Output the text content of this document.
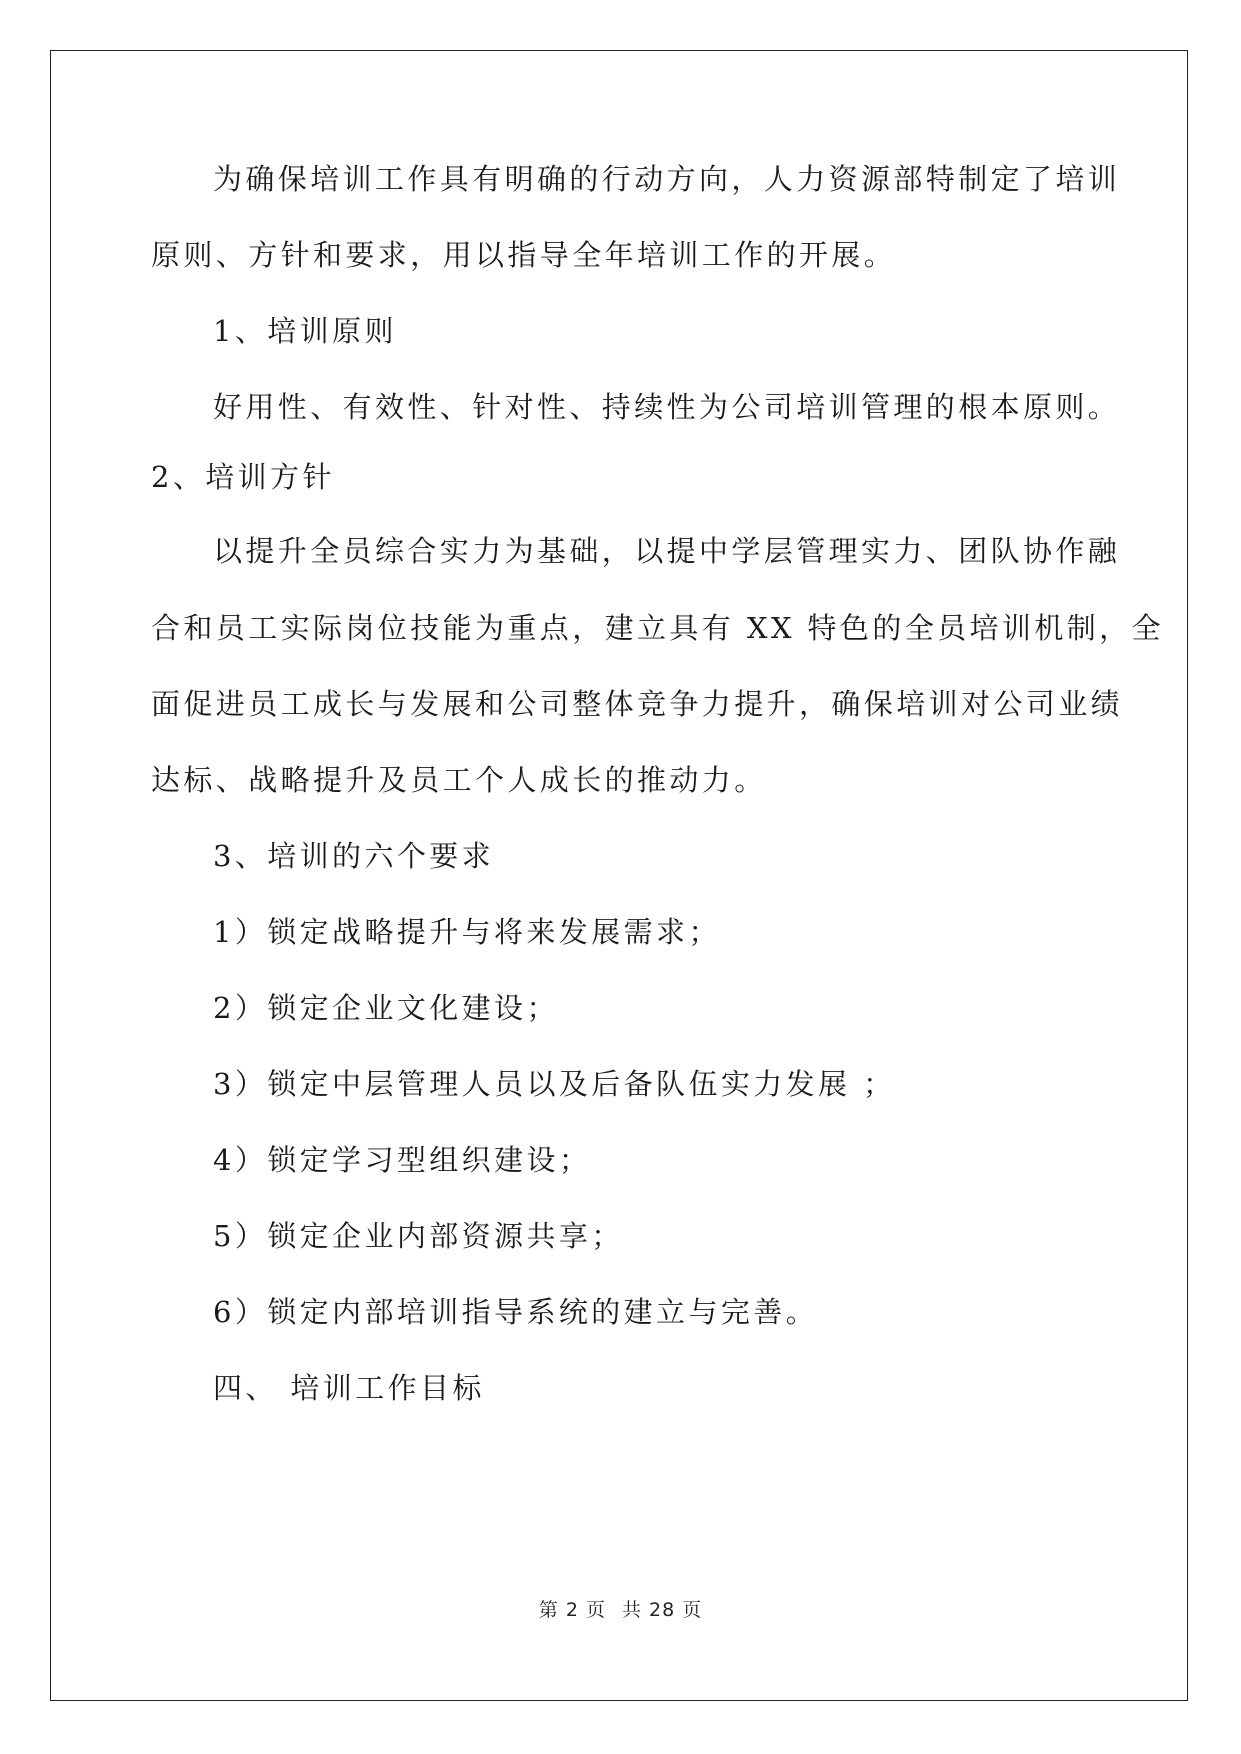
为确保培训工作具有明确的行动方向，人力资源部特制定了培训
原则、方针和要求，用以指导全年培训工作的开展。
1、培训原则
好用性、有效性、针对性、持续性为公司培训管理的根本原则。
2、培训方针
以提升全员综合实力为基础，以提中学层管理实力、团队协作融
合和员工实际岗位技能为重点，建立具有 XX 特色的全员培训机制，全
面促进员工成长与发展和公司整体竞争力提升，确保培训对公司业绩
达标、战略提升及员工个人成长的推动力。
3、培训的六个要求
1）锁定战略提升与将来发展需求；
2）锁定企业文化建设；
3）锁定中层管理人员以及后备队伍实力发展 ；
4）锁定学习型组织建设；
5）锁定企业内部资源共享；
6）锁定内部培训指导系统的建立与完善。
四、 培训工作目标
第 2 页 共 28 页
